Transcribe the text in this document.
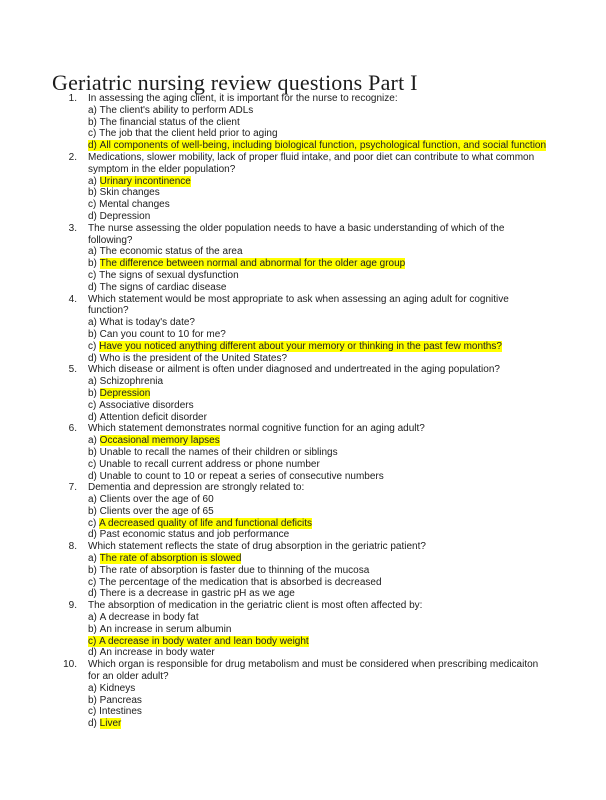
Geriatric nursing review questions Part I
1. In assessing the aging client, it is important for the nurse to recognize:
a) The client's ability to perform ADLs
b) The financial status of the client
c) The job that the client held prior to aging
d) All components of well-being, including biological function, psychological function, and social function
2. Medications, slower mobility, lack of proper fluid intake, and poor diet can contribute to what common symptom in the elder population?
a) Urinary incontinence
b) Skin changes
c) Mental changes
d) Depression
3. The nurse assessing the older population needs to have a basic understanding of which of the following?
a) The economic status of the area
b) The difference between normal and abnormal for the older age group
c) The signs of sexual dysfunction
d) The signs of cardiac disease
4. Which statement would be most appropriate to ask when assessing an aging adult for cognitive function?
a) What is today's date?
b) Can you count to 10 for me?
c) Have you noticed anything different about your memory or thinking in the past few months?
d) Who is the president of the United States?
5. Which disease or ailment is often under diagnosed and undertreated in the aging population?
a) Schizophrenia
b) Depression
c) Associative disorders
d) Attention deficit disorder
6. Which statement demonstrates normal cognitive function for an aging adult?
a) Occasional memory lapses
b) Unable to recall the names of their children or siblings
c) Unable to recall current address or phone number
d) Unable to count to 10 or repeat a series of consecutive numbers
7. Dementia and depression are strongly related to:
a) Clients over the age of 60
b) Clients over the age of 65
c) A decreased quality of life and functional deficits
d) Past economic status and job performance
8. Which statement reflects the state of drug absorption in the geriatric patient?
a) The rate of absorption is slowed
b) The rate of absorption is faster due to thinning of the mucosa
c) The percentage of the medication that is absorbed is decreased
d) There is a decrease in gastric pH as we age
9. The absorption of medication in the geriatric client is most often affected by:
a) A decrease in body fat
b) An increase in serum albumin
c) A decrease in body water and lean body weight
d) An increase in body water
10. Which organ is responsible for drug metabolism and must be considered when prescribing medicaiton for an older adult?
a) Kidneys
b) Pancreas
c) Intestines
d) Liver
